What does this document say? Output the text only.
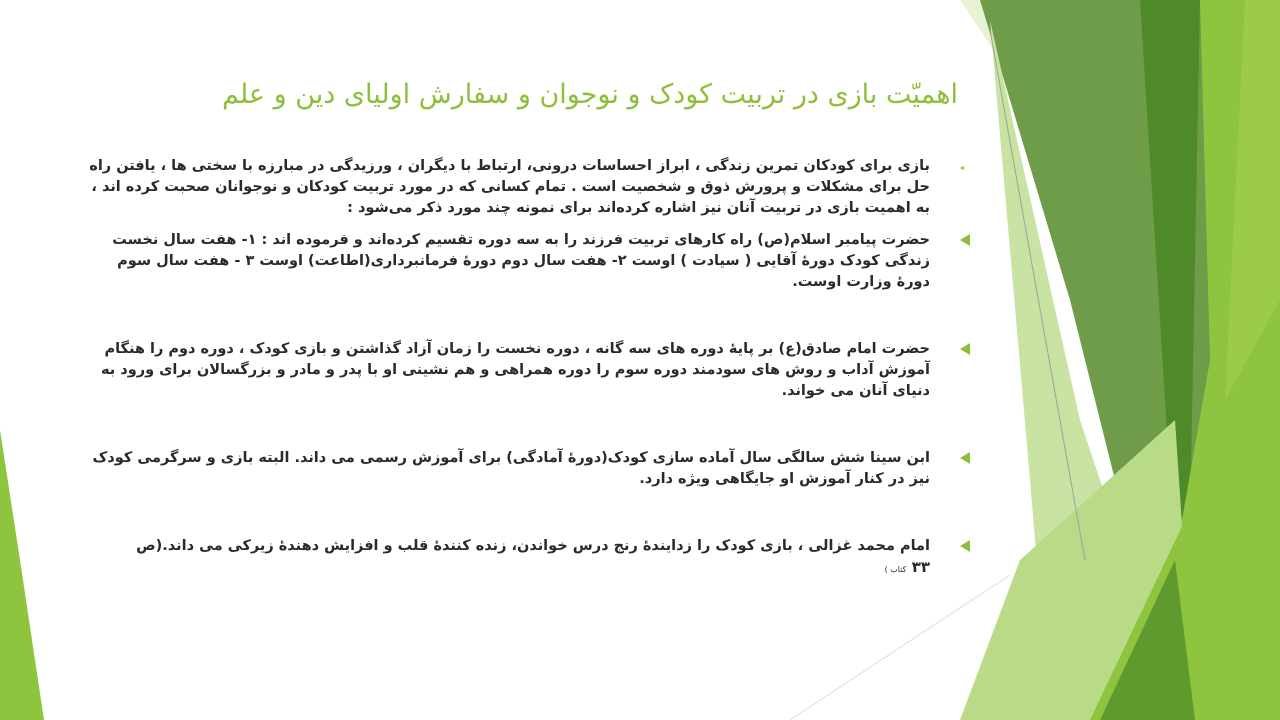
اهمیّت بازی در تربیت کودک و نوجوان و سفارش اولیای دین و علم
بازی برای کودکان تمرین زندگی ، ابراز احساسات درونی، ارتباط با دیگران ، ورزیدگی در مبارزه با سختی ها ، یافتن راه حل برای مشکلات و پرورش ذوق و شخصیت است . تمام کسانی که در مورد تربیت کودکان و نوجوانان صحبت کرده اند ، به اهمیت بازی در تربیت آنان نیز اشاره کرده‌اند برای نمونه چند مورد ذکر می‌شود :
حضرت پیامبر اسلام(ص) راه کارهای تربیت فرزند را به سه دوره تقسیم کرده‌اند و فرموده اند : ۱- هفت سال نخست زندگی کودک دورهٔ آقایی ( سیادت ) اوست ۲- هفت سال دوم دورهٔ فرمانبرداری(اطاعت) اوست ۳ - هفت سال سوم دورهٔ وزارت اوست.
حضرت امام صادق(ع) بر پایهٔ دوره های سه گانه ، دوره نخست را زمان آزاد گذاشتن و بازی کودک ، دوره دوم را هنگام آموزش آداب و روش های سودمند دوره سوم را دوره همراهی و هم نشینی او با پدر و مادر و بزرگسالان برای ورود به دنیای آنان می خواند.
ابن سینا شش سالگی سال آماده سازی کودک(دورهٔ آمادگی) برای آموزش رسمی می داند. البته بازی و سرگرمی کودک نیز در کنار آموزش او جایگاهی ویژه دارد.
امام محمد غزالی ، بازی کودک را زدایندهٔ رنج درس خواندن، زنده کنندهٔ قلب و افزایش دهندهٔ زیرکی می داند.(ص
۳۳ کتاب )
